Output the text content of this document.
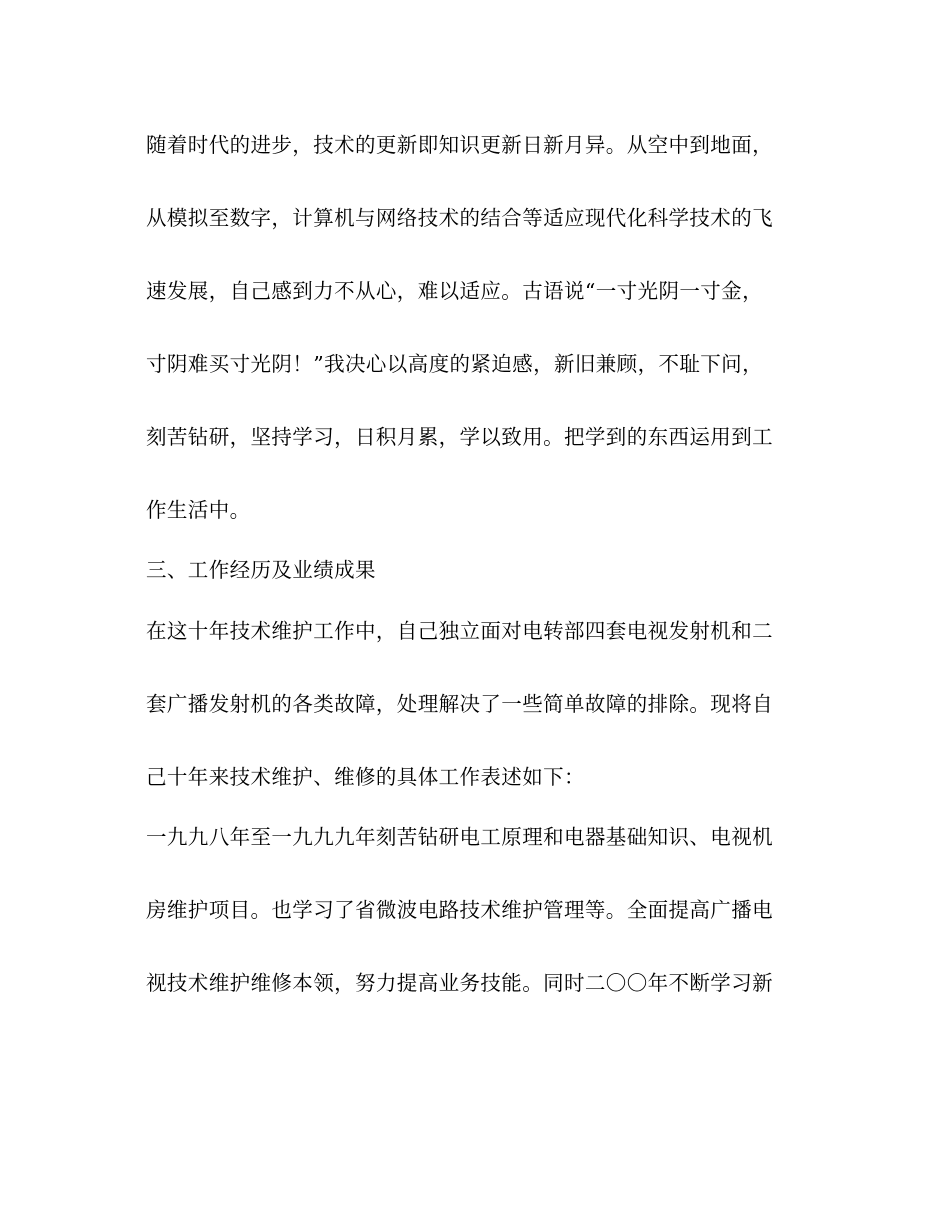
随着时代的进步，技术的更新即知识更新日新月异。从空中到地面，
从模拟至数字，计算机与网络技术的结合等适应现代化科学技术的飞
速发展，自己感到力不从心，难以适应。古语说“一寸光阴一寸金，
寸阴难买寸光阴！”我决心以高度的紧迫感，新旧兼顾，不耻下问，
刻苦钻研，坚持学习，日积月累，学以致用。把学到的东西运用到工
作生活中。
三、工作经历及业绩成果
在这十年技术维护工作中，自己独立面对电转部四套电视发射机和二
套广播发射机的各类故障，处理解决了一些简单故障的排除。现将自
己十年来技术维护、维修的具体工作表述如下：
一九九八年至一九九九年刻苦钻研电工原理和电器基础知识、电视机
房维护项目。也学习了省微波电路技术维护管理等。全面提高广播电
视技术维护维修本领，努力提高业务技能。同时二〇〇年不断学习新
